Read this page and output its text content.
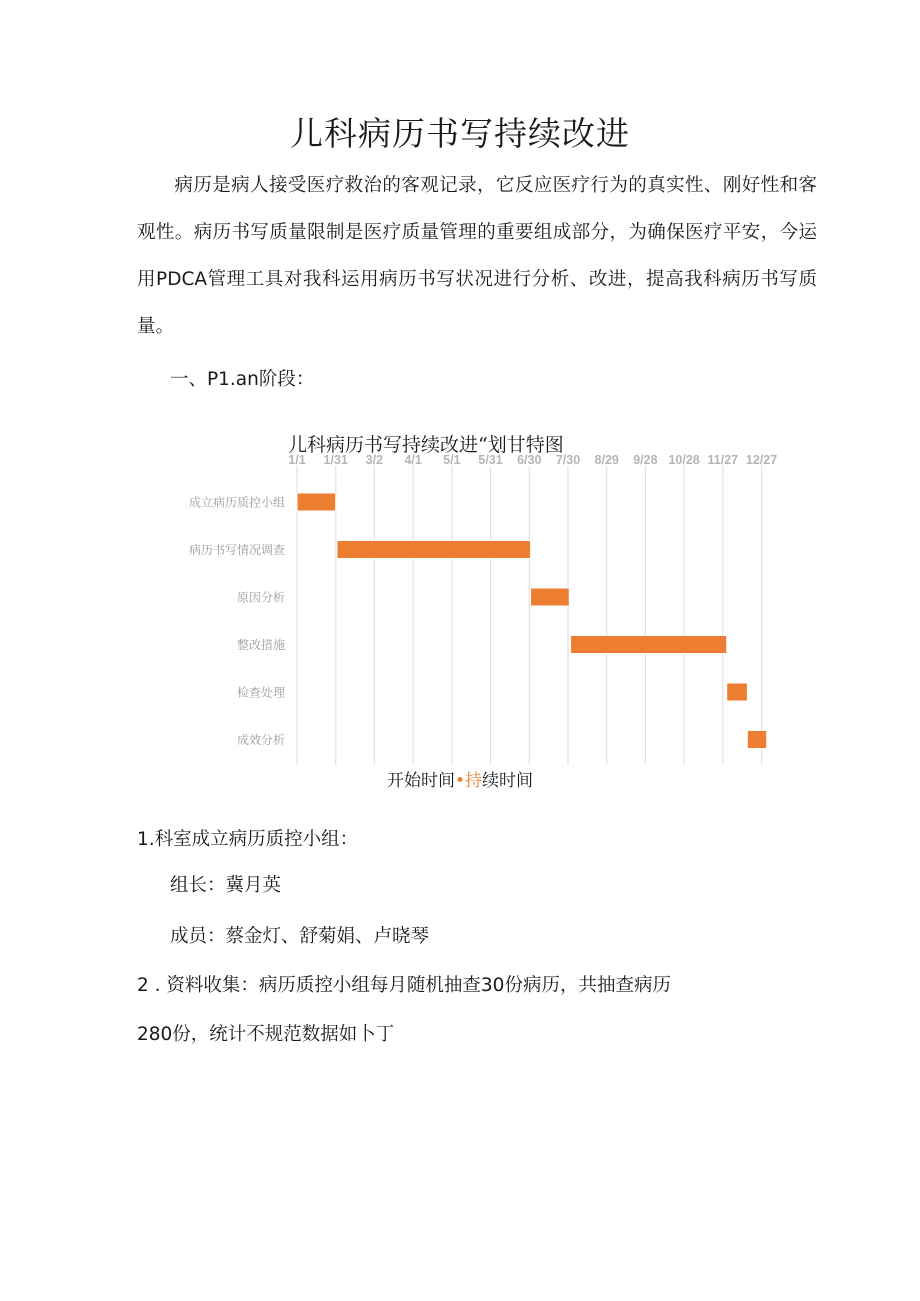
儿科病历书写持续改进

病历是病人接受医疗救治的客观记录，它反应医疗行为的真实性、刚好性和客观性。病历书写质量限制是医疗质量管理的重要组成部分，为确保医疗平安，今运用PDCA管理工具对我科运用病历书写状况进行分析、改进，提高我科病历书写质量。

一、P1.an阶段：
儿科病历书写持续改进“划甘特图
1/1 1/31 3/2 4/1 5/1 5/31 6/30 7/30 8/29 9/28 10/28 11/27 12/27
成立病历质控小组
病历书写情况调查
原因分析
整改措施
检查处理
成效分析
开始时间•持续时间
1.科室成立病历质控小组：
组长：冀月英
成员：蔡金灯、舒菊娟、卢晓琴
2 . 资料收集：病历质控小组每月随机抽查30份病历，共抽查病历
280份，统计不规范数据如卜丁
